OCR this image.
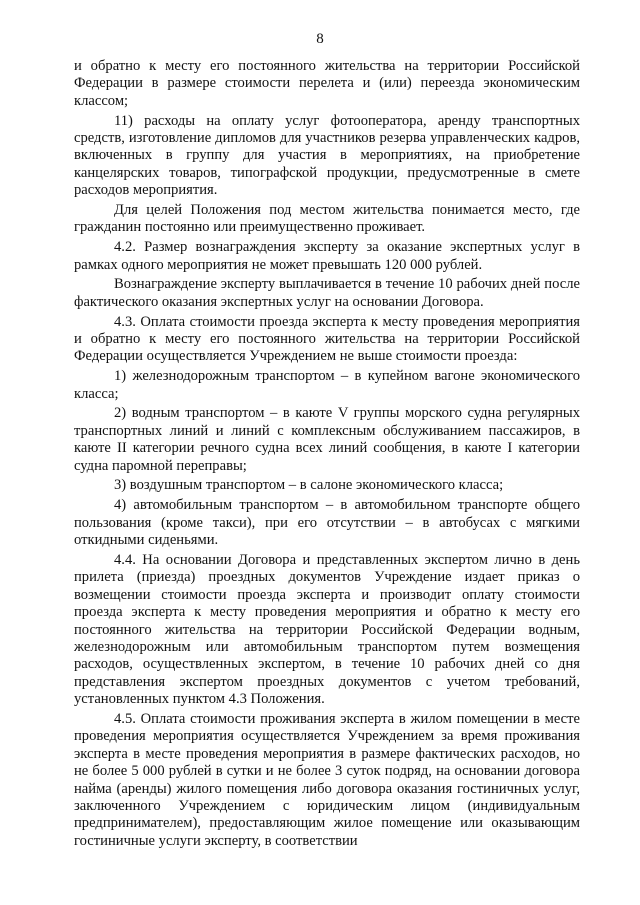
8

и обратно к месту его постоянного жительства на территории Российской Федерации в размере стоимости перелета и (или) переезда экономическим классом;

11) расходы на оплату услуг фотооператора, аренду транспортных средств, изготовление дипломов для участников резерва управленческих кадров, включенных в группу для участия в мероприятиях, на приобретение канцелярских товаров, типографской продукции, предусмотренные в смете расходов мероприятия.

Для целей Положения под местом жительства понимается место, где гражданин постоянно или преимущественно проживает.

4.2. Размер вознаграждения эксперту за оказание экспертных услуг в рамках одного мероприятия не может превышать 120 000 рублей.

Вознаграждение эксперту выплачивается в течение 10 рабочих дней после фактического оказания экспертных услуг на основании Договора.

4.3. Оплата стоимости проезда эксперта к месту проведения мероприятия и обратно к месту его постоянного жительства на территории Российской Федерации осуществляется Учреждением не выше стоимости проезда:

1) железнодорожным транспортом – в купейном вагоне экономического класса;

2) водным транспортом – в каюте V группы морского судна регулярных транспортных линий и линий с комплексным обслуживанием пассажиров, в каюте II категории речного судна всех линий сообщения, в каюте I категории судна паромной переправы;

3) воздушным транспортом – в салоне экономического класса;

4) автомобильным транспортом – в автомобильном транспорте общего пользования (кроме такси), при его отсутствии – в автобусах с мягкими откидными сиденьями.

4.4. На основании Договора и представленных экспертом лично в день прилета (приезда) проездных документов Учреждение издает приказ о возмещении стоимости проезда эксперта и производит оплату стоимости проезда эксперта к месту проведения мероприятия и обратно к месту его постоянного жительства на территории Российской Федерации водным, железнодорожным или автомобильным транспортом путем возмещения расходов, осуществленных экспертом, в течение 10 рабочих дней со дня представления экспертом проездных документов с учетом требований, установленных пунктом 4.3 Положения.

4.5. Оплата стоимости проживания эксперта в жилом помещении в месте проведения мероприятия осуществляется Учреждением за время проживания эксперта в месте проведения мероприятия в размере фактических расходов, но не более 5 000 рублей в сутки и не более 3 суток подряд, на основании договора найма (аренды) жилого помещения либо договора оказания гостиничных услуг, заключенного Учреждением с юридическим лицом (индивидуальным предпринимателем), предоставляющим жилое помещение или оказывающим гостиничные услуги эксперту, в соответствии
